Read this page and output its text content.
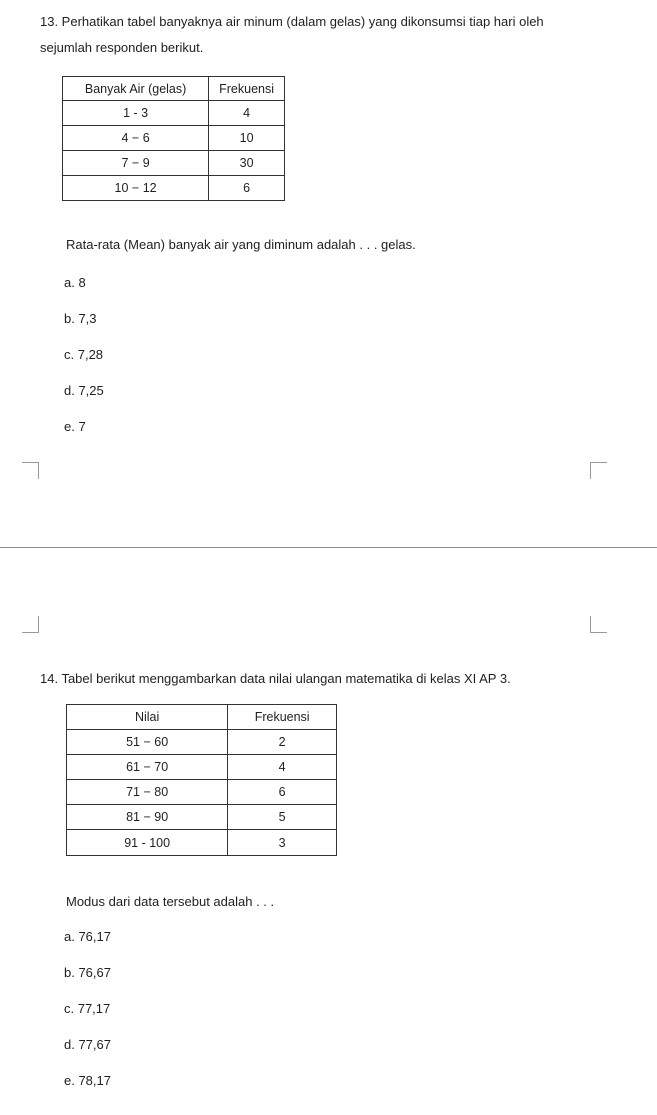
13. Perhatikan tabel banyaknya air minum (dalam gelas) yang dikonsumsi tiap hari oleh
sejumlah responden berikut.
Banyak Air (gelas)	Frekuensi
1 - 3	4
4 − 6	10
7 − 9	30
10 − 12	6
Rata-rata (Mean) banyak air yang diminum adalah . . . gelas.
a. 8
b. 7,3
c. 7,28
d. 7,25
e. 7
14. Tabel berikut menggambarkan data nilai ulangan matematika di kelas XI AP 3.
Nilai	Frekuensi
51 − 60	2
61 − 70	4
71 − 80	6
81 − 90	5
91 - 100	3
Modus dari data tersebut adalah . . .
a. 76,17
b. 76,67
c. 77,17
d. 77,67
e. 78,17
